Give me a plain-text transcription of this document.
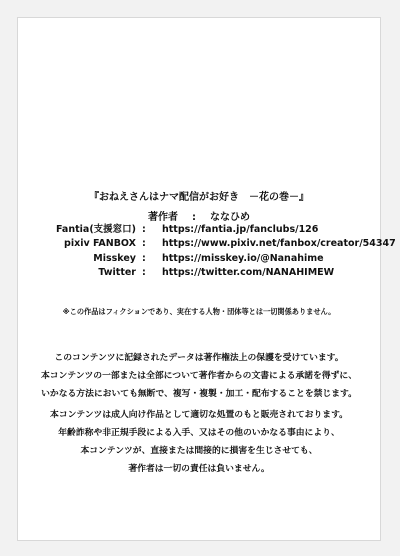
『おねえさんはナマ配信がお好き　－花の巻－』
著作者 : ななひめ
Fantia(支援窓口) : https://fantia.jp/fanclubs/126
pixiv FANBOX : https://www.pixiv.net/fanbox/creator/54347
Misskey : https://misskey.io/@Nanahime
Twitter : https://twitter.com/NANAHIMEW
※この作品はフィクションであり、実在する人物・団体等とは一切関係ありません。
このコンテンツに記録されたデータは著作権法上の保護を受けています。
本コンテンツの一部または全部について著作者からの文書による承諾を得ずに、
いかなる方法においても無断で、複写・複製・加工・配布することを禁じます。
本コンテンツは成人向け作品として適切な処置のもと販売されております。
年齢詐称や非正規手段による入手、又はその他のいかなる事由により、
本コンテンツが、直接または間接的に損害を生じさせても、
著作者は一切の責任は負いません。
